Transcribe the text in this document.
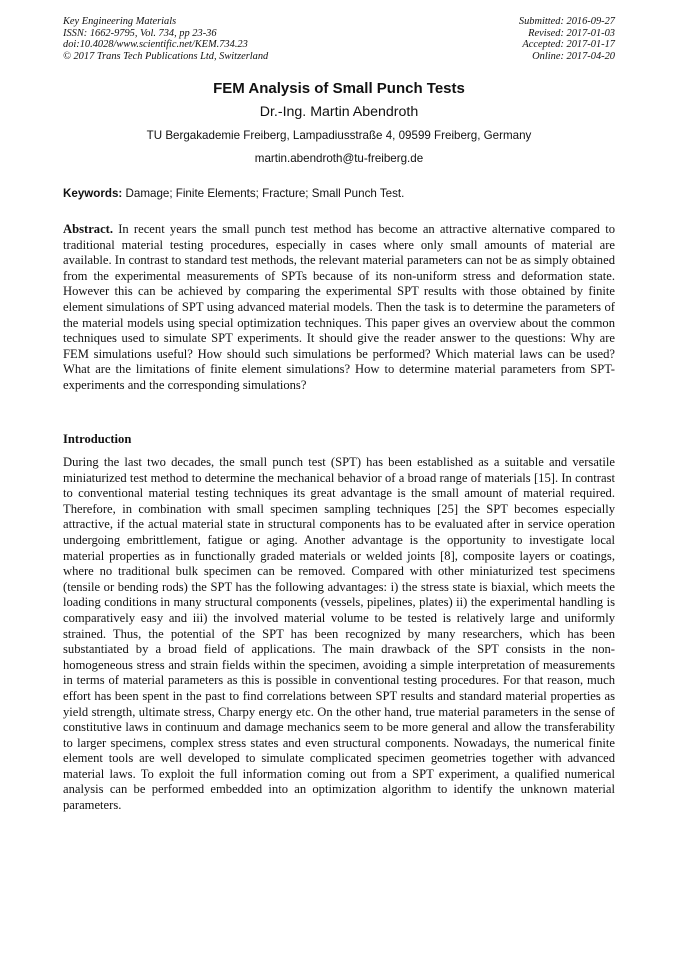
Key Engineering Materials
ISSN: 1662-9795, Vol. 734, pp 23-36
doi:10.4028/www.scientific.net/KEM.734.23
© 2017 Trans Tech Publications Ltd, Switzerland
Submitted: 2016-09-27
Revised: 2017-01-03
Accepted: 2017-01-17
Online: 2017-04-20
FEM Analysis of Small Punch Tests
Dr.-Ing. Martin Abendroth
TU Bergakademie Freiberg, Lampadiusstraße 4, 09599 Freiberg, Germany
martin.abendroth@tu-freiberg.de
Keywords: Damage; Finite Elements; Fracture; Small Punch Test.

Abstract. In recent years the small punch test method has become an attractive alternative compared to traditional material testing procedures, especially in cases where only small amounts of material are available. In contrast to standard test methods, the relevant material parameters can not be as simply obtained from the experimental measurements of SPTs because of its non-uniform stress and deformation state. However this can be achieved by comparing the experimental SPT results with those obtained by finite element simulations of SPT using advanced material models. Then the task is to determine the parameters of the material models using special optimization techniques. This paper gives an overview about the common techniques used to simulate SPT experiments. It should give the reader answer to the questions: Why are FEM simulations useful? How should such simulations be performed? Which material laws can be used? What are the limitations of finite element simulations? How to determine material parameters from SPT-experiments and the corresponding simulations?

Introduction

During the last two decades, the small punch test (SPT) has been established as a suitable and versatile miniaturized test method to determine the mechanical behavior of a broad range of materials [15]. In contrast to conventional material testing techniques its great advantage is the small amount of material required. Therefore, in combination with small specimen sampling techniques [25] the SPT becomes especially attractive, if the actual material state in structural components has to be evaluated after in service operation undergoing embrittlement, fatigue or aging. Another advantage is the opportunity to investigate local material properties as in functionally graded materials or welded joints [8], composite layers or coatings, where no traditional bulk specimen can be removed. Compared with other miniaturized test specimens (tensile or bending rods) the SPT has the following advantages: i) the stress state is biaxial, which meets the loading conditions in many structural components (vessels, pipelines, plates) ii) the experimental handling is comparatively easy and iii) the involved material volume to be tested is relatively large and uniformly strained. Thus, the potential of the SPT has been recognized by many researchers, which has been substantiated by a broad field of applications. The main drawback of the SPT consists in the non-homogeneous stress and strain fields within the specimen, avoiding a simple interpretation of measurements in terms of material parameters as this is possible in conventional testing procedures. For that reason, much effort has been spent in the past to find correlations between SPT results and standard material properties as yield strength, ultimate stress, Charpy energy etc. On the other hand, true material parameters in the sense of constitutive laws in continuum and damage mechanics seem to be more general and allow the transferability to larger specimens, complex stress states and even structural components. Nowadays, the numerical finite element tools are well developed to simulate complicated specimen geometries together with advanced material laws. To exploit the full information coming out from a SPT experiment, a qualified numerical analysis can be performed embedded into an optimization algorithm to identify the unknown material parameters.
